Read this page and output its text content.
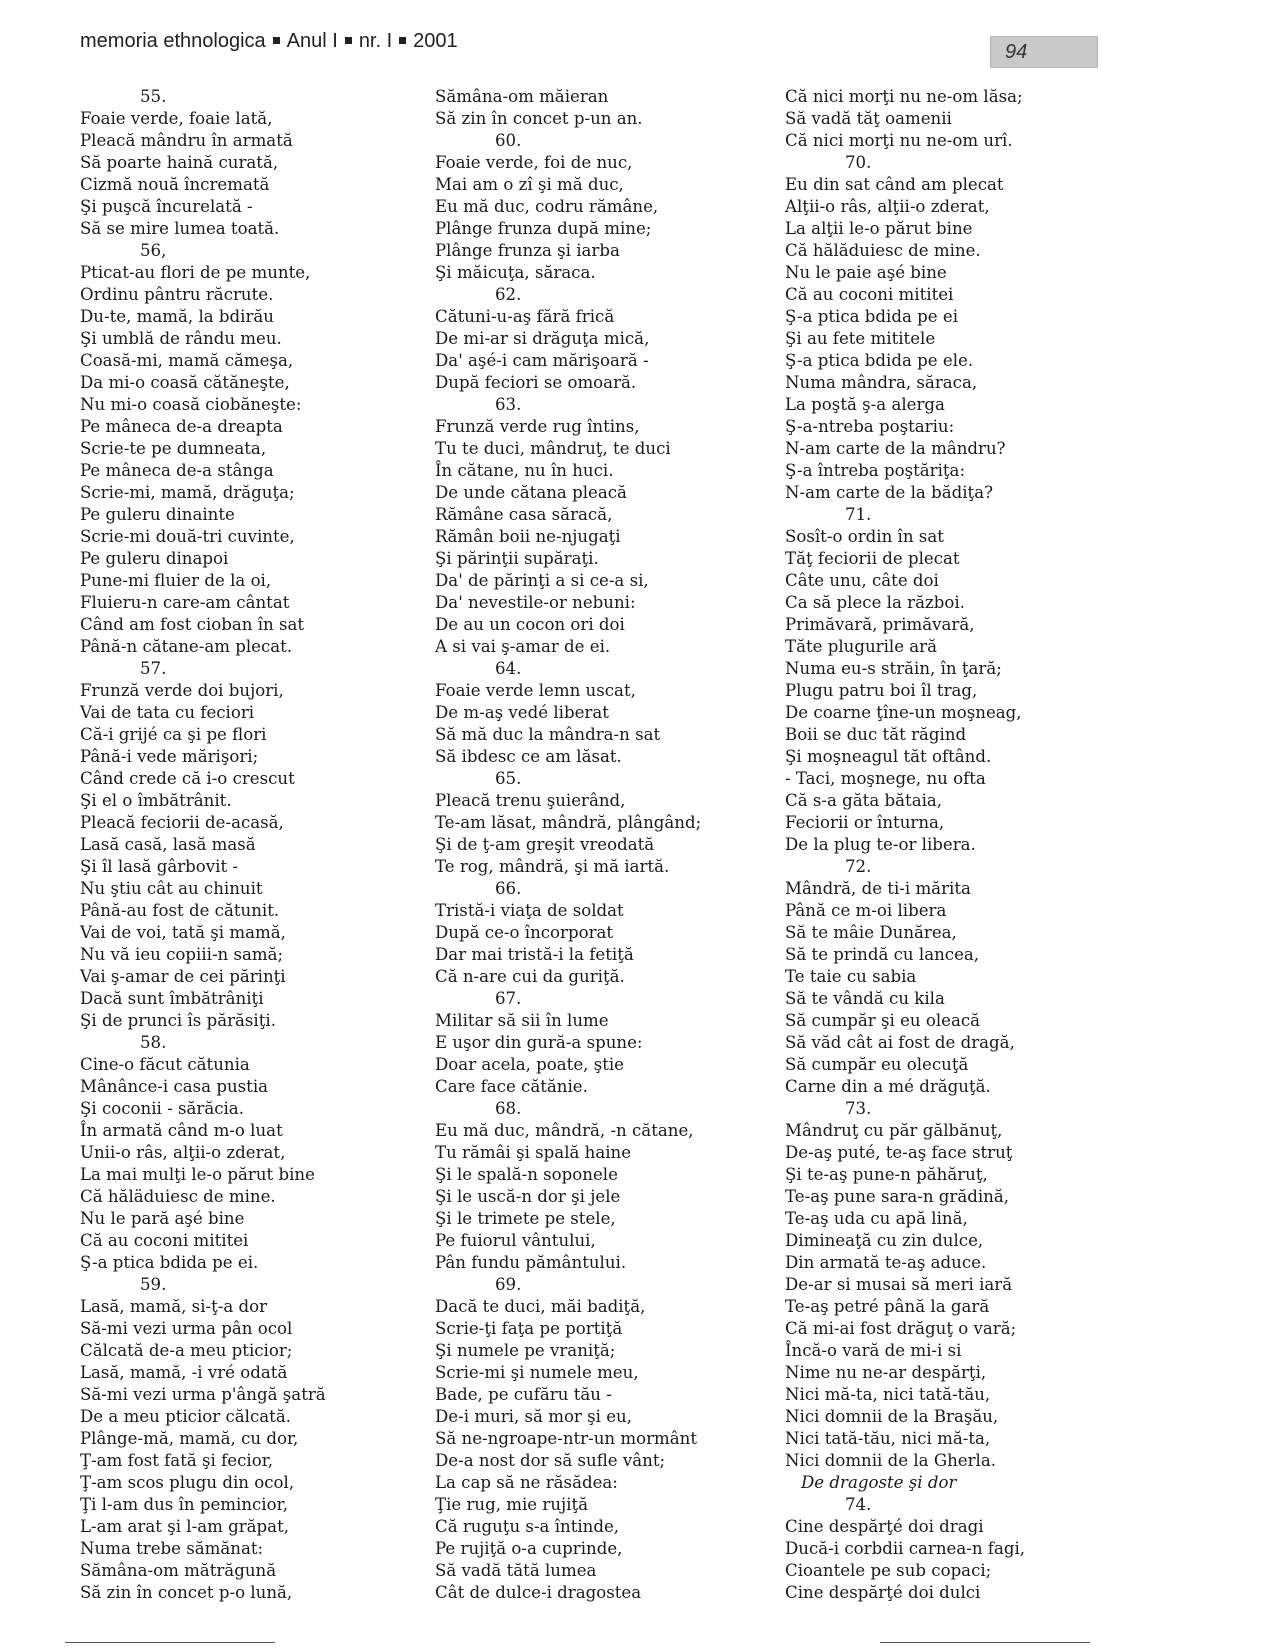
memoria ethnologica Anul I nr. I 2001	94
55.
Foaie verde, foaie lată,
Pleacă mândru în armată
Să poarte haină curată,
Cizmă nouă încremată
Şi puşcă încurelată -
Să se mire lumea toată.
56,
Pticat-au flori de pe munte,
Ordinu pântru răcrute.
Du-te, mamă, la bdirău
Şi umblă de rându meu.
Coasă-mi, mamă cămeşa,
Da mi-o coasă cătăneşte,
Nu mi-o coasă ciobăneşte:
Pe mâneca de-a dreapta
Scrie-te pe dumneata,
Pe mâneca de-a stânga
Scrie-mi, mamă, drăguţa;
Pe guleru dinainte
Scrie-mi două-tri cuvinte,
Pe guleru dinapoi
Pune-mi fluier de la oi,
Fluieru-n care-am cântat
Când am fost cioban în sat
Până-n cătane-am plecat.
57.
Frunză verde doi bujori,
Vai de tata cu feciori
Că-i grijé ca şi pe flori
Până-i vede mărişori;
Când crede că i-o crescut
Şi el o îmbătrânit.
Pleacă feciorii de-acasă,
Lasă casă, lasă masă
Şi îl lasă gârbovit -
Nu ştiu cât au chinuit
Până-au fost de cătunit.
Vai de voi, tată şi mamă,
Nu vă ieu copiii-n samă;
Vai ş-amar de cei părinţi
Dacă sunt îmbătrâniţi
Şi de prunci îs părăsiţi.
58.
Cine-o făcut cătunia
Mânânce-i casa pustia
Şi coconii - sărăcia.
În armată când m-o luat
Unii-o râs, alţii-o zderat,
La mai mulţi le-o părut bine
Că hăläduiesc de mine.
Nu le pară aşé bine
Că au coconi mititei
Ş-a ptica bdida pe ei.
59.
Lasă, mamă, si-ţ-a dor
Să-mi vezi urma pân ocol
Călcată de-a meu pticior;
Lasă, mamă, -i vré odată
Să-mi vezi urma p'ângă şatră
De a meu pticior călcată.
Plânge-mă, mamă, cu dor,
Ţ-am fost fată şi fecior,
Ţ-am scos plugu din ocol,
Ţi l-am dus în pemincior,
L-am arat şi l-am grăpat,
Numa trebe sămănat:
Sămâna-om mătrăgună
Să zin în concet p-o lună,
Sămâna-om măieran
Să zin în concet p-un an.
60.
Foaie verde, foi de nuc,
Mai am o zî şi mă duc,
Eu mă duc, codru rămâne,
Plânge frunza după mine;
Plânge frunza şi iarba
Şi măicuţa, săraca.
62.
Cătuni-u-aş fără frică
De mi-ar si drăguţa mică,
Da' aşé-i cam mărişoară -
După feciori se omoară.
63.
Frunză verde rug întins,
Tu te duci, mândruţ, te duci
În cătane, nu în huci.
De unde cătana pleacă
Rămâne casa săracă,
Rămân boii ne-njugaţi
Şi părinţii supăraţi.
Da' de părinţi a si ce-a si,
Da' nevestile-or nebuni:
De au un cocon ori doi
A si vai ş-amar de ei.
64.
Foaie verde lemn uscat,
De m-aş vedé liberat
Să mă duc la mândra-n sat
Să ibdesc ce am lăsat.
65.
Pleacă trenu şuierând,
Te-am lăsat, mândră, plângând;
Şi de ţ-am greşit vreodată
Te rog, mândră, şi mă iartă.
66.
Tristă-i viaţa de soldat
După ce-o încorporat
Dar mai tristă-i la fetiţă
Că n-are cui da guriţă.
67.
Militar să sii în lume
E uşor din gură-a spune:
Doar acela, poate, ştie
Care face cătănie.
68.
Eu mă duc, mândră, -n cătane,
Tu rămâi şi spală haine
Şi le spală-n soponele
Şi le uscă-n dor şi jele
Şi le trimete pe stele,
Pe fuiorul vântului,
Pân fundu pământului.
69.
Dacă te duci, măi badiţă,
Scrie-ţi faţa pe portiţă
Şi numele pe vraniţă;
Scrie-mi şi numele meu,
Bade, pe cufăru tău -
De-i muri, să mor şi eu,
Să ne-ngroape-ntr-un mormânt
De-a nost dor să sufle vânt;
La cap să ne răsădea:
Ţie rug, mie rujiţă
Că ruguţu s-a întinde,
Pe rujiţă o-a cuprinde,
Să vadă tătă lumea
Cât de dulce-i dragostea
Că nici morţi nu ne-om lăsa;
Să vadă tăţ oamenii
Că nici morţi nu ne-om urî.
70.
Eu din sat când am plecat
Alţii-o râs, alţii-o zderat,
La alţii le-o părut bine
Că hălăduiesc de mine.
Nu le paie aşé bine
Că au coconi mititei
Ş-a ptica bdida pe ei
Şi au fete mititele
Ş-a ptica bdida pe ele.
Numa mândra, săraca,
La poştă ş-a alerga
Ş-a-ntreba poştariu:
N-am carte de la mândru?
Ş-a întreba poştăriţa:
N-am carte de la bădiţa?
71.
Sosît-o ordin în sat
Tăţ feciorii de plecat
Câte unu, câte doi
Ca să plece la război.
Primăvară, primăvară,
Tăte plugurile ară
Numa eu-s străin, în ţară;
Plugu patru boi îl trag,
De coarne ţîne-un moşneag,
Boii se duc tăt răgind
Şi moşneagul tăt oftând.
- Taci, moşnege, nu ofta
Că s-a găta bătaia,
Feciorii or înturna,
De la plug te-or libera.
72.
Mândră, de ti-i mărita
Până ce m-oi libera
Să te mâie Dunărea,
Să te prindă cu lancea,
Te taie cu sabia
Să te vândă cu kila
Să cumpăr şi eu oleacă
Să văd cât ai fost de dragă,
Să cumpăr eu olecuţă
Carne din a mé drăguţă.
73.
Mândruţ cu păr gălbănuţ,
De-aş puté, te-aş face struţ
Şi te-aş pune-n păhăruţ,
Te-aş pune sara-n grădină,
Te-aş uda cu apă lină,
Dimineaţă cu zin dulce,
Din armată te-aş aduce.
De-ar si musai să meri iară
Te-aş petré până la gară
Că mi-ai fost drăguţ o vară;
Încă-o vară de mi-i si
Nime nu ne-ar despărţi,
Nici mă-ta, nici tată-tău,
Nici domnii de la Braşău,
Nici tată-tău, nici mă-ta,
Nici domnii de la Gherla.
De dragoste şi dor
74.
Cine despărţé doi dragi
Ducă-i corbdii carnea-n fagi,
Cioantele pe sub copaci;
Cine despărţé doi dulci
